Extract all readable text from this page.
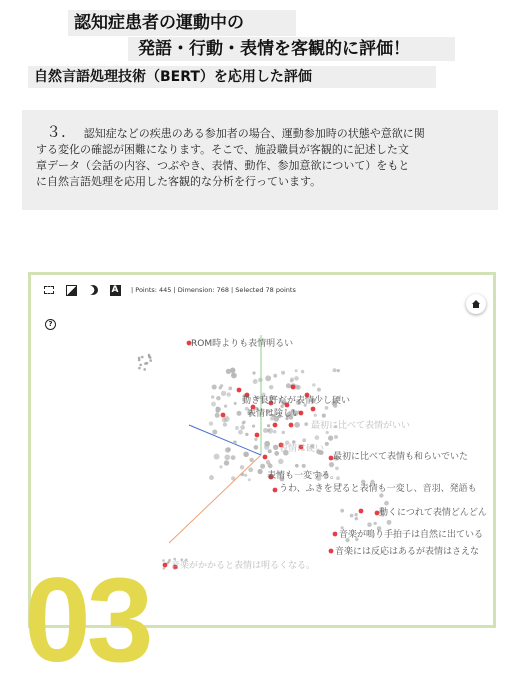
認知症患者の運動中の
発語・行動・表情を客観的に評価！
自然言語処理技術（BERT）を応用した評価
３. 認知症などの疾患のある参加者の場合、運動参加時の状態や意欲に関
する変化の確認が困難になります。そこで、施設職員が客観的に記述した文
章データ（会話の内容、つぶやき、表情、動作、参加意欲について）をもと
に自然言語処理を応用した客観的な分析を行っています。
A	| Points: 445 | Dimension: 768 | Selected 78 points
?
ROM時よりも表情明るい
動き良好だが表情少し硬い
表情は険しい
最初に比べて表情がいい
表情は硬い
最初に比べて表情も和らいでいた
表情も一変する。
うわ、ふきを見ると表情も一変し、音羽、発語も
動くにつれて表情どんどん
音楽が鳴り手拍子は自然に出ている
音楽には反応はあるが表情はさえな
音楽がかかると表情は明るくなる。
03
